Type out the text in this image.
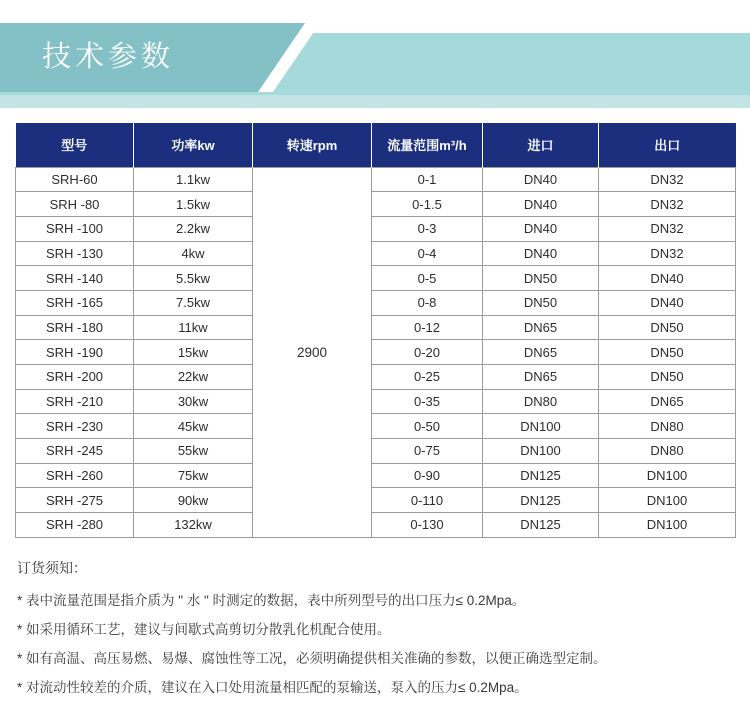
技术参数
型号	功率kw	转速rpm	流量范围m³/h	进口	出口
SRH-60	1.1kw	2900	0-1	DN40	DN32
SRH -80	1.5kw		0-1.5	DN40	DN32
SRH -100	2.2kw		0-3	DN40	DN32
SRH -130	4kw		0-4	DN40	DN32
SRH -140	5.5kw		0-5	DN50	DN40
SRH -165	7.5kw		0-8	DN50	DN40
SRH -180	11kw		0-12	DN65	DN50
SRH -190	15kw		0-20	DN65	DN50
SRH -200	22kw		0-25	DN65	DN50
SRH -210	30kw		0-35	DN80	DN65
SRH -230	45kw		0-50	DN100	DN80
SRH -245	55kw		0-75	DN100	DN80
SRH -260	75kw		0-90	DN125	DN100
SRH -275	90kw		0-110	DN125	DN100
SRH -280	132kw		0-130	DN125	DN100
订货须知：

* 表中流量范围是指介质为 " 水 " 时测定的数据，表中所列型号的出口压力≤ 0.2Mpa。

* 如采用循环工艺，建议与间歇式高剪切分散乳化机配合使用。

* 如有高温、高压易燃、易爆、腐蚀性等工况，必须明确提供相关准确的参数，以便正确选型定制。

* 对流动性较差的介质，建议在入口处用流量相匹配的泵输送，泵入的压力≤ 0.2Mpa。
